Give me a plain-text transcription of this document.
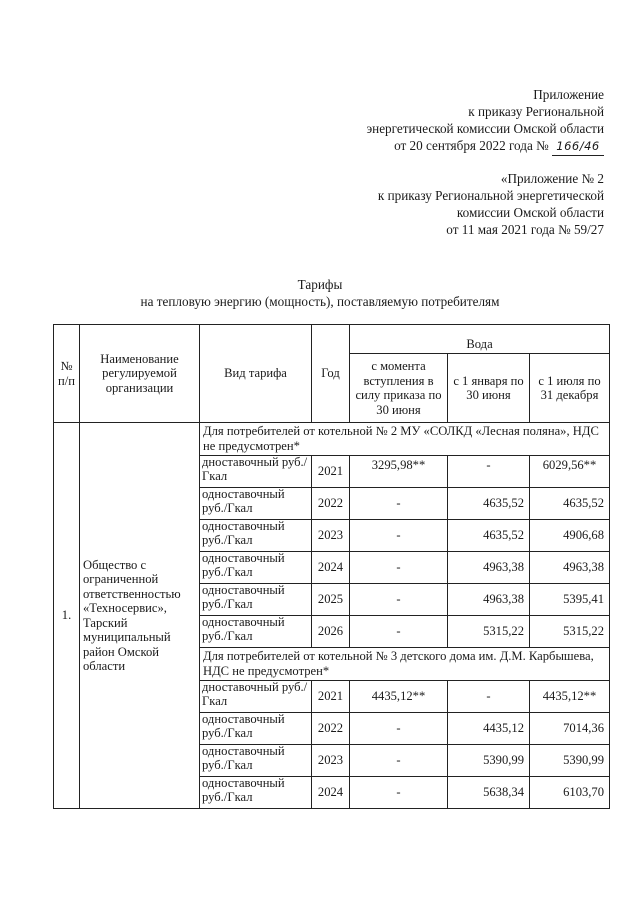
Приложение
к приказу Региональной
энергетической комиссии Омской области
от 20 сентября 2022 года № 166/46
«Приложение № 2
к приказу Региональной энергетической
комиссии Омской области
от 11 мая 2021 года № 59/27
Тарифы
на тепловую энергию (мощность), поставляемую потребителям
№ п/п	Наименование регулируемой организации	Вид тарифа	Год	Вода		
				с момента вступления в силу приказа по 30 июня	с 1 января по 30 июня	с 1 июля по 31 декабря
1.	Общество с ограниченной ответственностью «Техносервис», Тарский муниципальный район Омской области	Для потребителей от котельной № 2 МУ «СОЛКД «Лесная поляна», НДС не предусмотрен*				
		дноставочный руб./Гкал	2021	3295,98**	-	6029,56**
		одноставочный руб./Гкал	2022	-	4635,52	4635,52
		одноставочный руб./Гкал	2023	-	4635,52	4906,68
		одноставочный руб./Гкал	2024	-	4963,38	4963,38
		одноставочный руб./Гкал	2025	-	4963,38	5395,41
		одноставочный руб./Гкал	2026	-	5315,22	5315,22
		Для потребителей от котельной № 3 детского дома им. Д.М. Карбышева, НДС не предусмотрен*				
		дноставочный руб./Гкал	2021	4435,12**	-	4435,12**
		одноставочный руб./Гкал	2022	-	4435,12	7014,36
		одноставочный руб./Гкал	2023	-	5390,99	5390,99
		одноставочный руб./Гкал	2024	-	5638,34	6103,70
